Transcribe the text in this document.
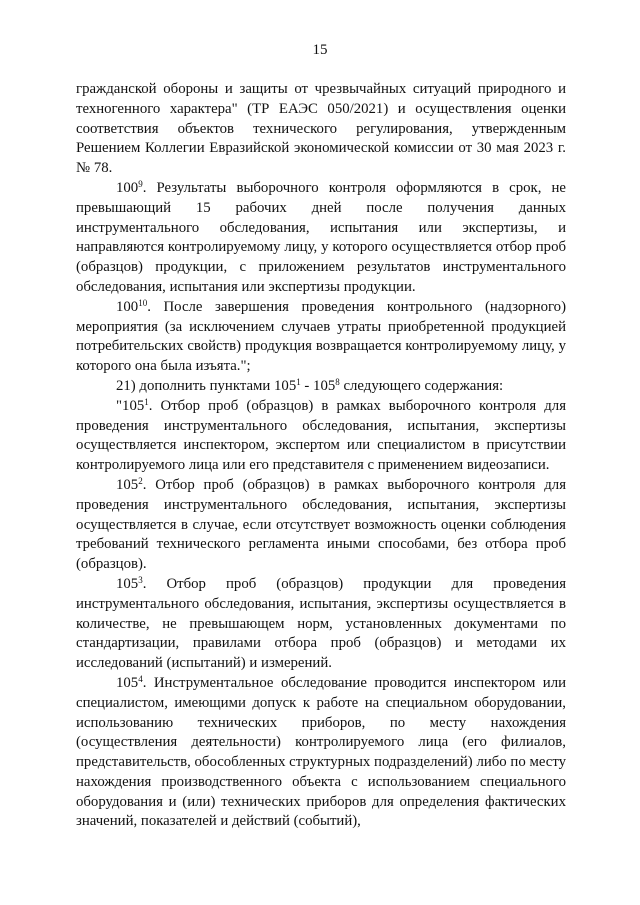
15

гражданской обороны и защиты от чрезвычайных ситуаций природного и техногенного характера" (ТР ЕАЭС 050/2021) и осуществления оценки соответствия объектов технического регулирования, утвержденным Решением Коллегии Евразийской экономической комиссии от 30 мая 2023 г. № 78.

$100^9$. Результаты выборочного контроля оформляются в срок, не превышающий 15 рабочих дней после получения данных инструментального обследования, испытания или экспертизы, и направляются контролируемому лицу, у которого осуществляется отбор проб (образцов) продукции, с приложением результатов инструментального обследования, испытания или экспертизы продукции.

$100^{10}$. После завершения проведения контрольного (надзорного) мероприятия (за исключением случаев утраты приобретенной продукцией потребительских свойств) продукция возвращается контролируемому лицу, у которого она была изъята.";

21) дополнить пунктами $105^1 - 105^8$ следующего содержания:

"$105^1$. Отбор проб (образцов) в рамках выборочного контроля для проведения инструментального обследования, испытания, экспертизы осуществляется инспектором, экспертом или специалистом в присутствии контролируемого лица или его представителя с применением видеозаписи.

$105^2$. Отбор проб (образцов) в рамках выборочного контроля для проведения инструментального обследования, испытания, экспертизы осуществляется в случае, если отсутствует возможность оценки соблюдения требований технического регламента иными способами, без отбора проб (образцов).

$105^3$. Отбор проб (образцов) продукции для проведения инструментального обследования, испытания, экспертизы осуществляется в количестве, не превышающем норм, установленных документами по стандартизации, правилами отбора проб (образцов) и методами их исследований (испытаний) и измерений.

$105^4$. Инструментальное обследование проводится инспектором или специалистом, имеющими допуск к работе на специальном оборудовании, использованию технических приборов, по месту нахождения (осуществления деятельности) контролируемого лица (его филиалов, представительств, обособленных структурных подразделений) либо по месту нахождения производственного объекта с использованием специального оборудования и (или) технических приборов для определения фактических значений, показателей и действий (событий),
